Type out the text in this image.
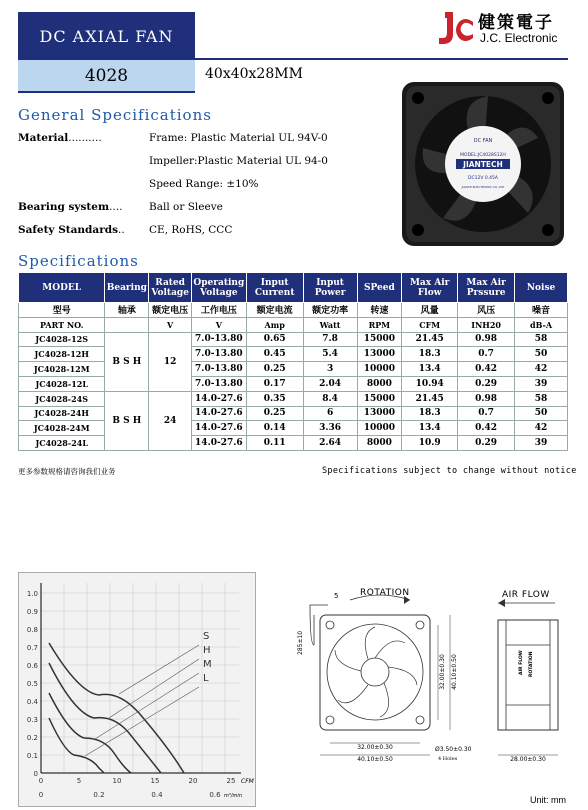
DC AXIAL FAN
4028	40x40x28MM
健策電子
J.C. Electronic
General Specifications
Material..........	Frame: Plastic Material UL 94V-0
Impeller:Plastic Material UL 94-0
Speed Range: ±10%
Bearing system....	Ball or Sleeve
Safety Standards.. CE, RoHS, CCC
DC FAN
MODEL:JC4028S12H
JIANTECH
DC12V 0.45A
JIANCE ELECTRONIC CO.,LTD
Specifications
MODEL	Bearing	Rated Voltage	Operating Voltage	Input Current	Input Power	SPeed	Max Air Flow	Max Air Prssure	Noise
型号	轴承	额定电压	工作电压	额定电流	额定功率	转速	风量	风压	噪音
PART NO.		V	V	Amp	Watt	RPM	CFM	INH20	dB-A
JC4028-12S	B S H	12	7.0-13.80	0.65	7.8	15000	21.45	0.98	58
JC4028-12H			7.0-13.80	0.45	5.4	13000	18.3	0.7	50
JC4028-12M			7.0-13.80	0.25	3	10000	13.4	0.42	42
JC4028-12L			7.0-13.80	0.17	2.04	8000	10.94	0.29	39
JC4028-24S	B S H	24	14.0-27.6	0.35	8.4	15000	21.45	0.98	58
JC4028-24H			14.0-27.6	0.25	6	13000	18.3	0.7	50
JC4028-24M			14.0-27.6	0.14	3.36	10000	13.4	0.42	42
JC4028-24L			14.0-27.6	0.11	2.64	8000	10.9	0.29	39
更多参数规格请咨询我们业务	Specifications subject to change without notice
1.0
0.9
0.8
0.7
0.6
0.5
0.4
0.3
0.2
0.1
0
0	5	10	15	20	25
0	0.2	0.4	0.6
CFM
m³/min
S
H
M
L
ROTATION
5
285±10
32.00±0.30
40.10±0.50
32.00±0.30 40.10±0.50
Ø3.50±0.30
4 Holes
AIR FLOW
AIR FLOW ROTATION
28.00±0.30
Unit: mm
